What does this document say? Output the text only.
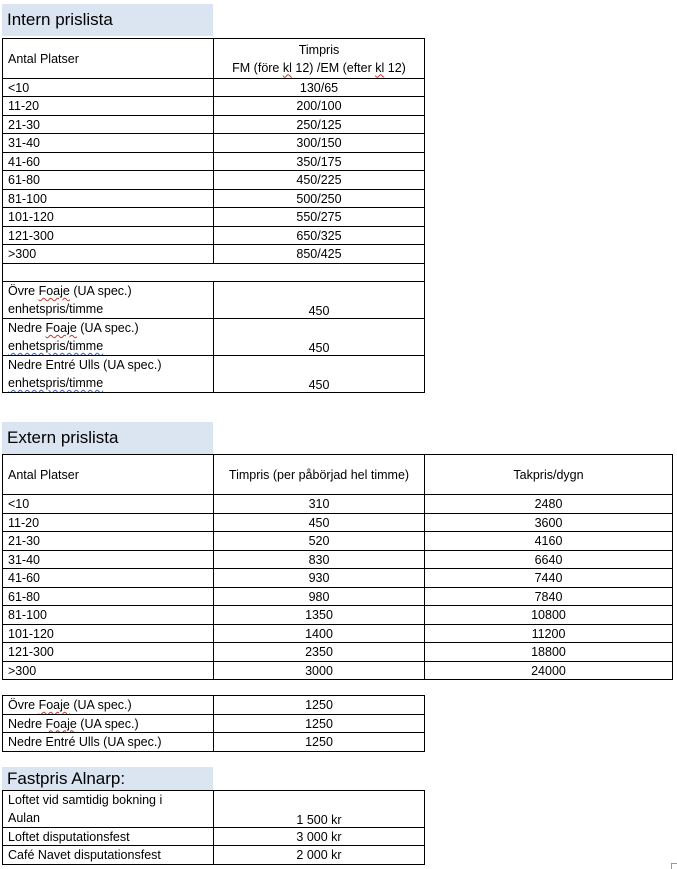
Intern prislista
Antal Platser	Timpris
FM (före kl 12) /EM (efter kl 12)

<10	130/65
11-20	200/100
21-30	250/125
31-40	300/150
41-60	350/175
61-80	450/225
81-100	500/250
101-120	550/275
121-300	650/325
>300	850/425

Övre Foaje (UA spec.)
enhetspris/timme	450

Nedre Foaje (UA spec.)
enhetspris/timme	450

Nedre Entré Ulls (UA spec.)
enhetspris/timme	450
Extern prislista
Antal Platser	Timpris (per påbörjad hel timme)	Takpris/dygn
<10	310	2480
11-20	450	3600
21-30	520	4160
31-40	830	6640
41-60	930	7440
61-80	980	7840
81-100	1350	10800
101-120	1400	11200
121-300	2350	18800
>300	3000	24000
Övre Foaje (UA spec.)	1250
Nedre Foaje (UA spec.)	1250
Nedre Entré Ulls (UA spec.)	1250
Fastpris Alnarp:
Loftet vid samtidig bokning i
Aulan	1 500 kr
Loftet disputationsfest	3 000 kr
Café Navet disputationsfest	2 000 kr
